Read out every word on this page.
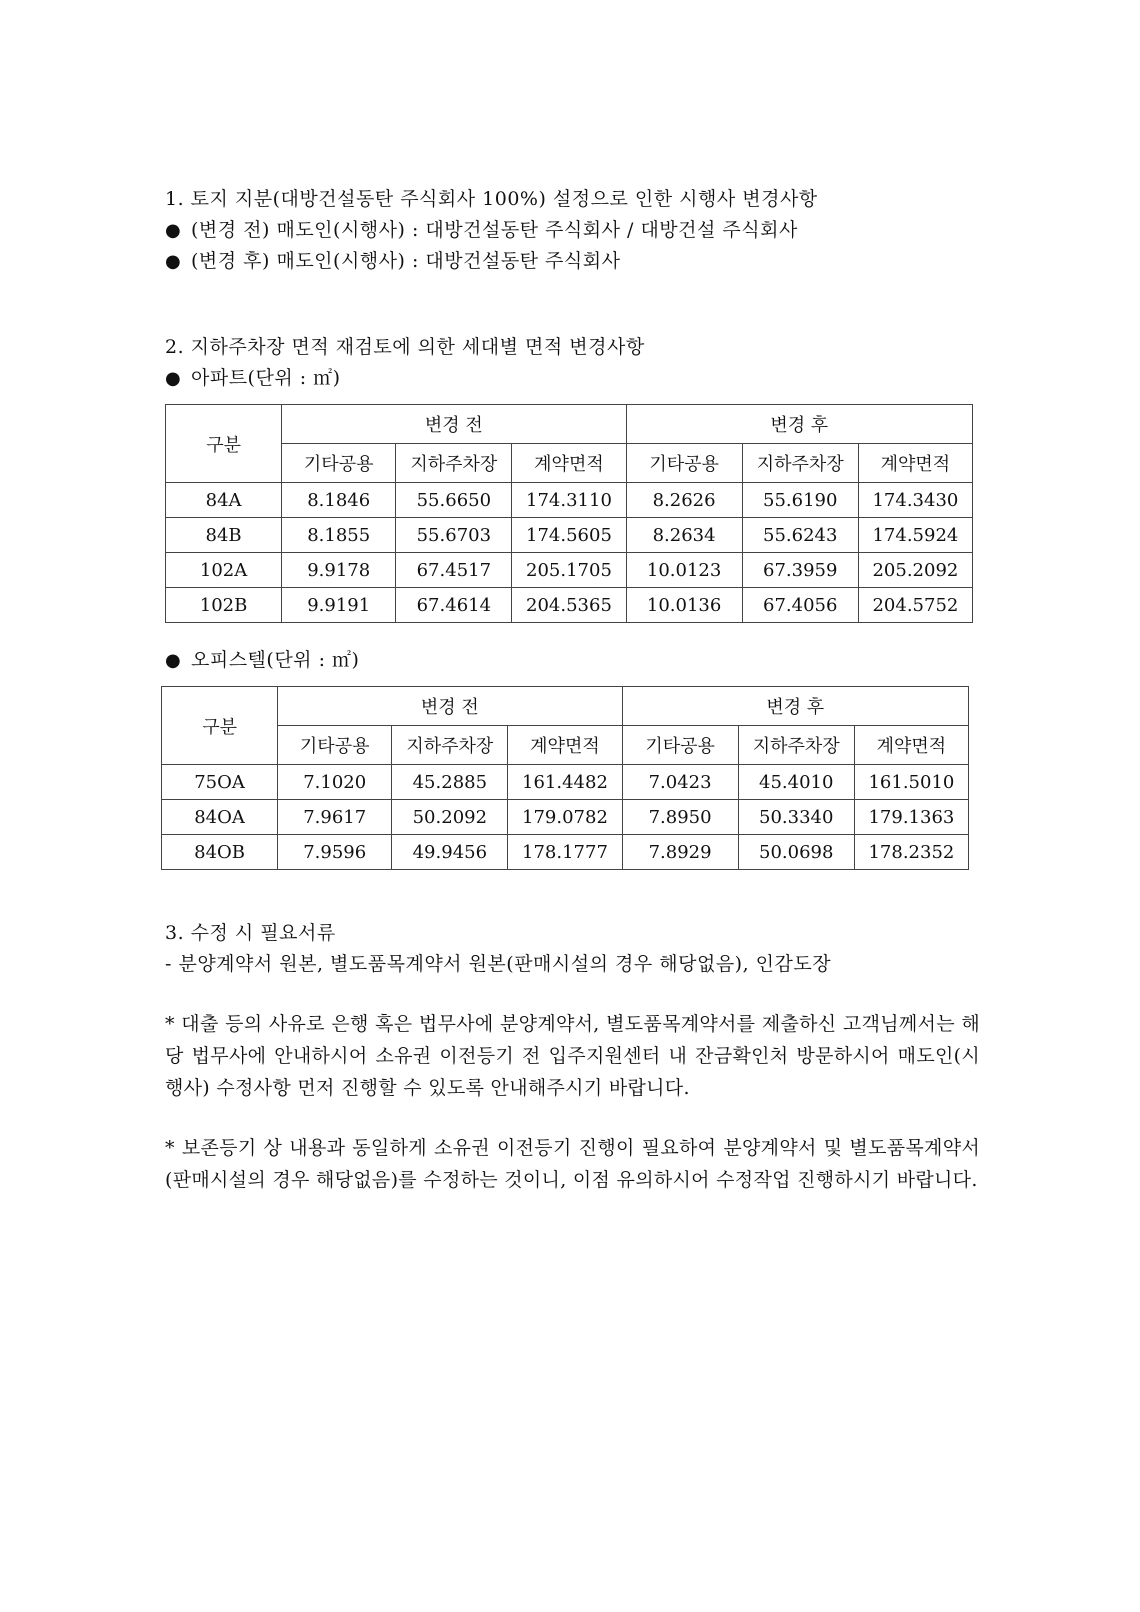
1. 토지 지분(대방건설동탄 주식회사 100%) 설정으로 인한 시행사 변경사항
● (변경 전) 매도인(시행사) : 대방건설동탄 주식회사 / 대방건설 주식회사
● (변경 후) 매도인(시행사) : 대방건설동탄 주식회사
2. 지하주차장 면적 재검토에 의한 세대별 면적 변경사항
● 아파트(단위 : ㎡)
구분	변경 전			변경 후		
	기타공용	지하주차장	계약면적	기타공용	지하주차장	계약면적
84A	8.1846	55.6650	174.3110	8.2626	55.6190	174.3430
84B	8.1855	55.6703	174.5605	8.2634	55.6243	174.5924
102A	9.9178	67.4517	205.1705	10.0123	67.3959	205.2092
102B	9.9191	67.4614	204.5365	10.0136	67.4056	204.5752
● 오피스텔(단위 : ㎡)
구분	변경 전			변경 후		
	기타공용	지하주차장	계약면적	기타공용	지하주차장	계약면적
75OA	7.1020	45.2885	161.4482	7.0423	45.4010	161.5010
84OA	7.9617	50.2092	179.0782	7.8950	50.3340	179.1363
84OB	7.9596	49.9456	178.1777	7.8929	50.0698	178.2352
3. 수정 시 필요서류
- 분양계약서 원본, 별도품목계약서 원본(판매시설의 경우 해당없음), 인감도장
* 대출 등의 사유로 은행 혹은 법무사에 분양계약서, 별도품목계약서를 제출하신 고객님께서는 해당 법무사에 안내하시어 소유권 이전등기 전 입주지원센터 내 잔금확인처 방문하시어 매도인(시행사) 수정사항 먼저 진행할 수 있도록 안내해주시기 바랍니다.
* 보존등기 상 내용과 동일하게 소유권 이전등기 진행이 필요하여 분양계약서 및 별도품목계약서(판매시설의 경우 해당없음)를 수정하는 것이니, 이점 유의하시어 수정작업 진행하시기 바랍니다.
